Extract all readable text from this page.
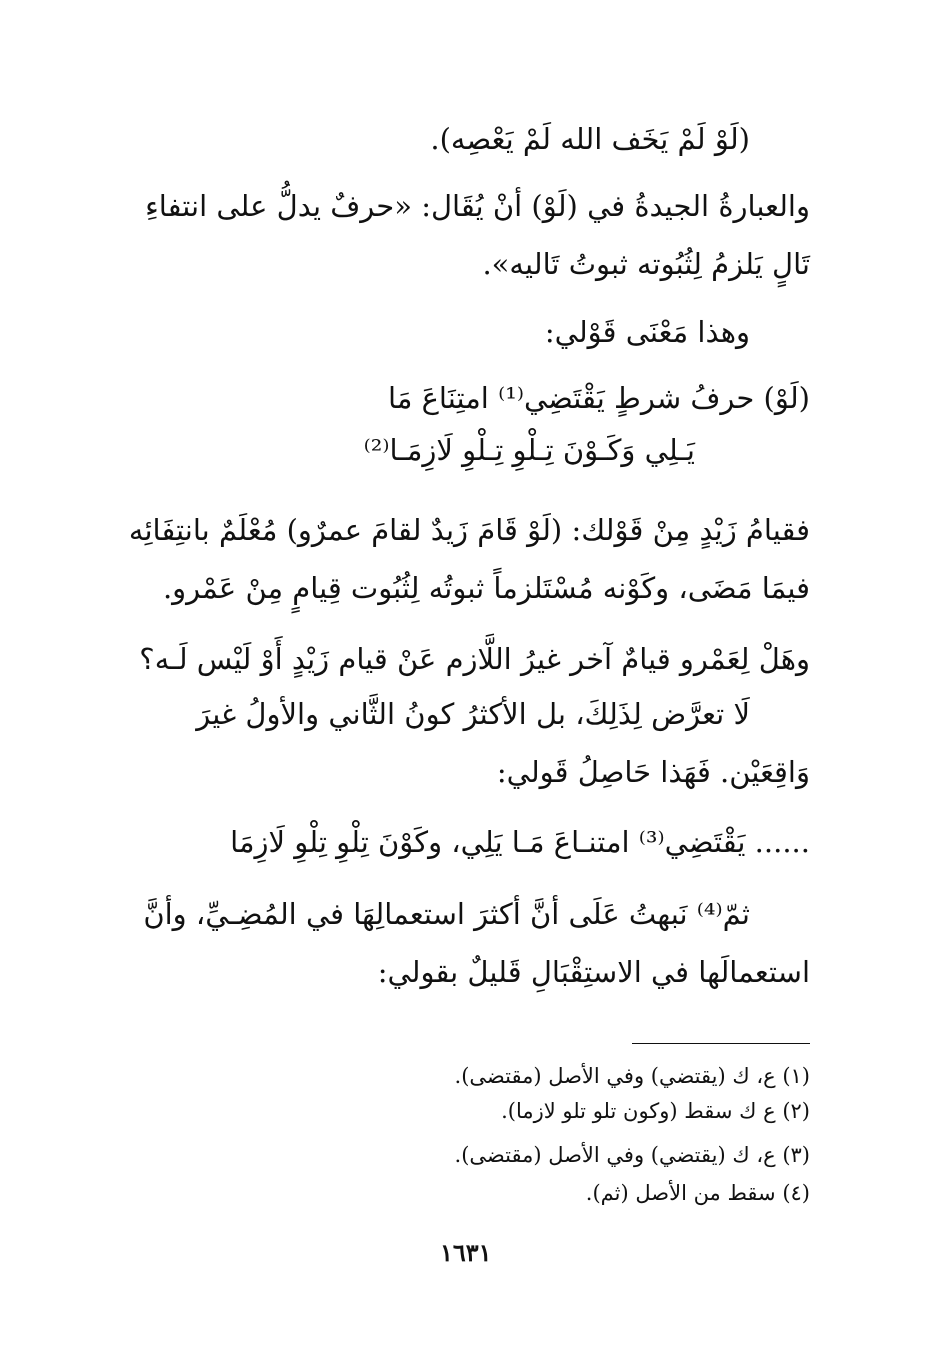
(لَوْ لَمْ يَخَف الله لَمْ يَعْصِه).
والعبارةُ الجيدةُ في (لَوْ) أنْ يُقَال: «حرفٌ يدلُّ على انتفاءِ
تَالٍ يَلزمُ لِثُبُوته ثبوتُ تَاليه».
وهذا مَعْنَى قَوْلي:
(لَوْ) حرفُ شرطٍ يَقْتَضِي⁽¹⁾ امتِنَاعَ مَا
يَـلِي وَكَـوْنَ تِـلْوِ تِـلْوِ لَازِمَـا⁽²⁾
فقيامُ زَيْدٍ مِنْ قَوْلك: (لَوْ قَامَ زَيدٌ لقامَ عمرٌو) مُعْلَمٌ بانتِفَائِه
فيمَا مَضَى، وكَوْنه مُسْتَلزماً ثبوتُه لِثُبُوت قِيامٍ مِنْ عَمْرو.
وهَلْ لِعَمْرو قيامٌ آخر غيرُ اللَّازم عَنْ قيام زَيْدٍ أَوْ لَيْس لَـه؟
لَا تعرَّض لِذَلِكَ، بل الأكثرُ كونُ الثَّاني والأولُ غيرَ
وَاقِعَيْن. فَهَذا حَاصِلُ قَولي:
...... يَقْتَضِي⁽³⁾ امتنـاعَ مَـا يَلِي، وكَوْنَ تِلْوِ تِلْوِ لَازِمَا
ثمّ⁽⁴⁾ نَبهتُ عَلَى أنَّ أكثرَ استعمالِهَا في المُضِـيِّ، وأنَّ
استعمالَها في الاستِقْبَالِ قَليلٌ بقولي:
(١) ع، ك (يقتضي) وفي الأصل (مقتضى).
(٢) ع ك سقط (وكون تلو تلو لازما).
(٣) ع، ك (يقتضي) وفي الأصل (مقتضى).
(٤) سقط من الأصل (ثم).
١٦٣١
